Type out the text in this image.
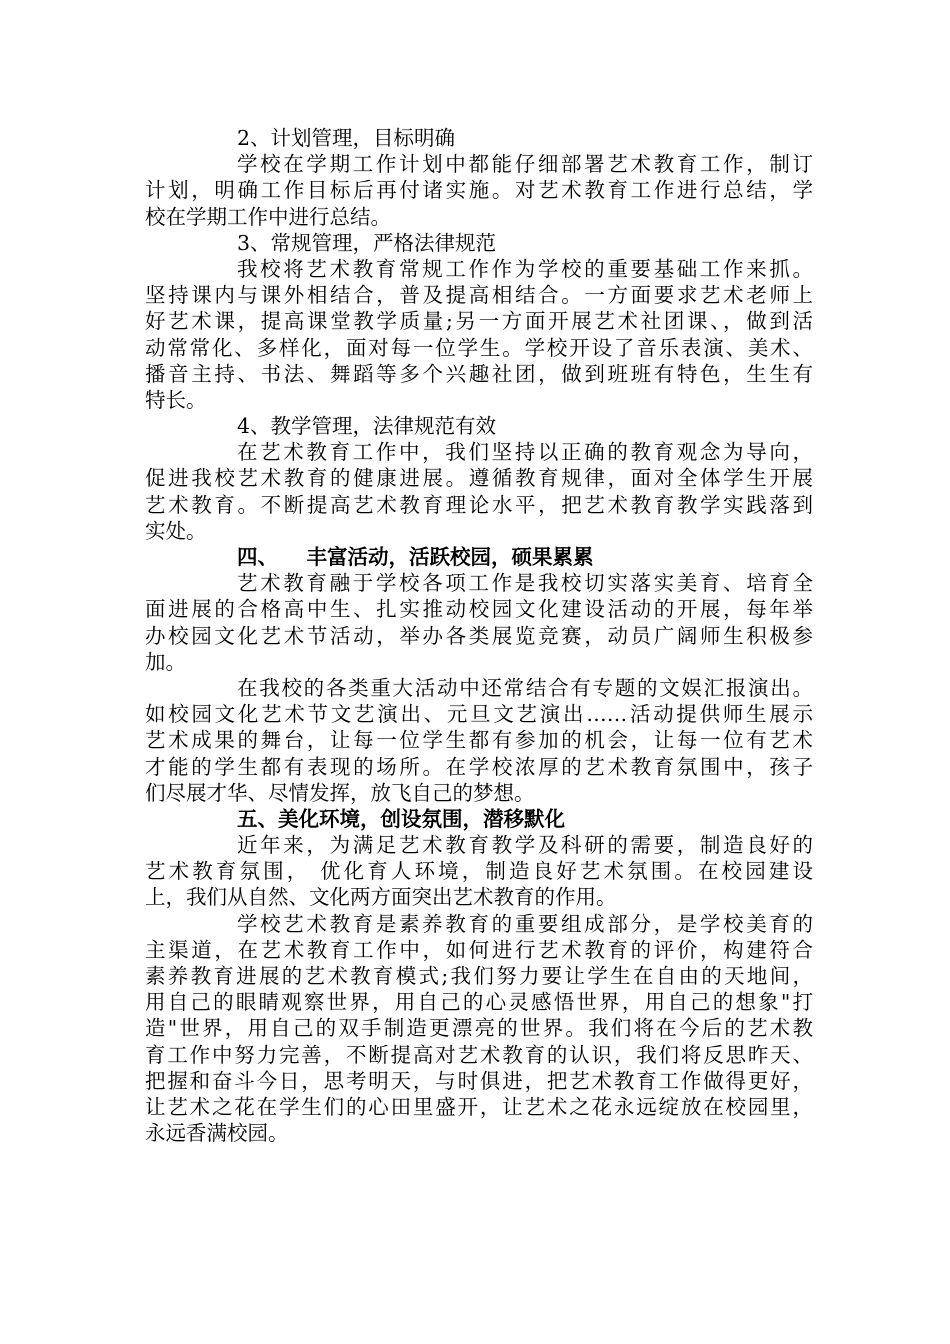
2、计划管理，目标明确
学校在学期工作计划中都能仔细部署艺术教育工作，制订
计划，明确工作目标后再付诸实施。对艺术教育工作进行总结，学
校在学期工作中进行总结。
3、常规管理，严格法律规范
我校将艺术教育常规工作作为学校的重要基础工作来抓。
坚持课内与课外相结合，普及提高相结合。一方面要求艺术老师上
好艺术课，提高课堂教学质量;另一方面开展艺术社团课、，做到活
动常常化、多样化，面对每一位学生。学校开设了音乐表演、美术、
播音主持、书法、舞蹈等多个兴趣社团，做到班班有特色，生生有
特长。
4、教学管理，法律规范有效
在艺术教育工作中，我们坚持以正确的教育观念为导向，
促进我校艺术教育的健康进展。遵循教育规律，面对全体学生开展
艺术教育。不断提高艺术教育理论水平，把艺术教育教学实践落到
实处。
四、    丰富活动，活跃校园，硕果累累
艺术教育融于学校各项工作是我校切实落实美育、培育全
面进展的合格高中生、扎实推动校园文化建设活动的开展，每年举
办校园文化艺术节活动，举办各类展览竞赛，动员广阔师生积极参
加。
在我校的各类重大活动中还常结合有专题的文娱汇报演出。
如校园文化艺术节文艺演出、元旦文艺演出……活动提供师生展示
艺术成果的舞台，让每一位学生都有参加的机会，让每一位有艺术
才能的学生都有表现的场所。在学校浓厚的艺术教育氛围中，孩子
们尽展才华、尽情发挥，放飞自己的梦想。
五、美化环境，创设氛围，潜移默化
近年来，为满足艺术教育教学及科研的需要，制造良好的
艺术教育氛围， 优化育人环境，制造良好艺术氛围。在校园建设
上，我们从自然、文化两方面突出艺术教育的作用。
学校艺术教育是素养教育的重要组成部分，是学校美育的
主渠道，在艺术教育工作中，如何进行艺术教育的评价，构建符合
素养教育进展的艺术教育模式;我们努力要让学生在自由的天地间，
用自己的眼睛观察世界，用自己的心灵感悟世界，用自己的想象"打
造"世界，用自己的双手制造更漂亮的世界。我们将在今后的艺术教
育工作中努力完善，不断提高对艺术教育的认识，我们将反思昨天、
把握和奋斗今日，思考明天，与时俱进，把艺术教育工作做得更好，
让艺术之花在学生们的心田里盛开，让艺术之花永远绽放在校园里，
永远香满校园。
